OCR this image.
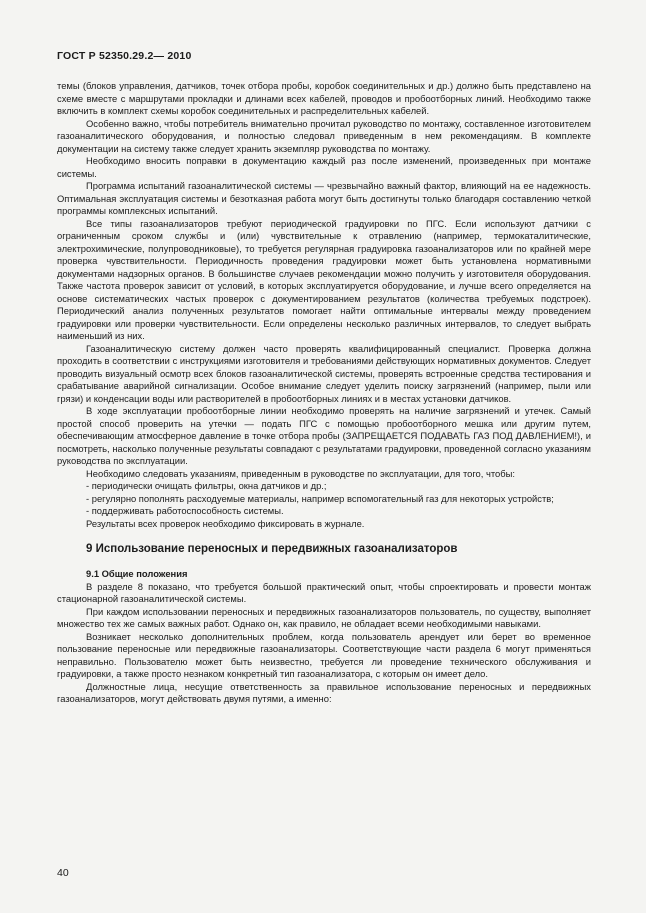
ГОСТ Р 52350.29.2— 2010

темы (блоков управления, датчиков, точек отбора пробы, коробок соединительных и др.) должно быть представлено на схеме вместе с маршрутами прокладки и длинами всех кабелей, проводов и пробоотборных линий. Необходимо также включить в комплект схемы коробок соединительных и распределительных кабелей.

Особенно важно, чтобы потребитель внимательно прочитал руководство по монтажу, составленное изготовителем газоаналитического оборудования, и полностью следовал приведенным в нем рекомендациям. В комплекте документации на систему также следует хранить экземпляр руководства по монтажу.

Необходимо вносить поправки в документацию каждый раз после изменений, произведенных при монтаже системы.

Программа испытаний газоаналитической системы — чрезвычайно важный фактор, влияющий на ее надежность. Оптимальная эксплуатация системы и безотказная работа могут быть достигнуты только благодаря составлению четкой программы комплексных испытаний.

Все типы газоанализаторов требуют периодической градуировки по ПГС. Если используют датчики с ограниченным сроком службы и (или) чувствительные к отравлению (например, термокаталитические, электрохимические, полупроводниковые), то требуется регулярная градуировка газоанализаторов или по крайней мере проверка чувствительности. Периодичность проведения градуировки может быть установлена нормативными документами надзорных органов. В большинстве случаев рекомендации можно получить у изготовителя оборудования. Также частота проверок зависит от условий, в которых эксплуатируется оборудование, и лучше всего определяется на основе систематических частых проверок с документированием результатов (количества требуемых подстроек). Периодический анализ полученных результатов помогает найти оптимальные интервалы между проведением градуировки или проверки чувствительности. Если определены несколько различных интервалов, то следует выбрать наименьший из них.

Газоаналитическую систему должен часто проверять квалифицированный специалист. Проверка должна проходить в соответствии с инструкциями изготовителя и требованиями действующих нормативных документов. Следует проводить визуальный осмотр всех блоков газоаналитической системы, проверять встроенные средства тестирования и срабатывание аварийной сигнализации. Особое внимание следует уделить поиску загрязнений (например, пыли или грязи) и конденсации воды или растворителей в пробоотборных линиях и в местах установки датчиков.

В ходе эксплуатации пробоотборные линии необходимо проверять на наличие загрязнений и утечек. Самый простой способ проверить на утечки — подать ПГС с помощью пробоотборного мешка или другим путем, обеспечивающим атмосферное давление в точке отбора пробы (ЗАПРЕЩАЕТСЯ ПОДАВАТЬ ГАЗ ПОД ДАВЛЕНИЕМ!), и посмотреть, насколько полученные результаты совпадают с результатами градуировки, проведенной согласно указаниям руководства по эксплуатации.

Необходимо следовать указаниям, приведенным в руководстве по эксплуатации, для того, чтобы:

- периодически очищать фильтры, окна датчиков и др.;

- регулярно пополнять расходуемые материалы, например вспомогательный газ для некоторых устройств;

- поддерживать работоспособность системы.

Результаты всех проверок необходимо фиксировать в журнале.

9 Использование переносных и передвижных газоанализаторов
9.1 Общие положения

В разделе 8 показано, что требуется большой практический опыт, чтобы спроектировать и провести монтаж стационарной газоаналитической системы.

При каждом использовании переносных и передвижных газоанализаторов пользователь, по существу, выполняет множество тех же самых важных работ. Однако он, как правило, не обладает всеми необходимыми навыками.

Возникает несколько дополнительных проблем, когда пользователь арендует или берет во временное пользование переносные или передвижные газоанализаторы. Соответствующие части раздела 6 могут применяться неправильно. Пользователю может быть неизвестно, требуется ли проведение технического обслуживания и градуировки, а также просто незнаком конкретный тип газоанализатора, с которым он имеет дело.

Должностные лица, несущие ответственность за правильное использование переносных и передвижных газоанализаторов, могут действовать двумя путями, а именно:

40
